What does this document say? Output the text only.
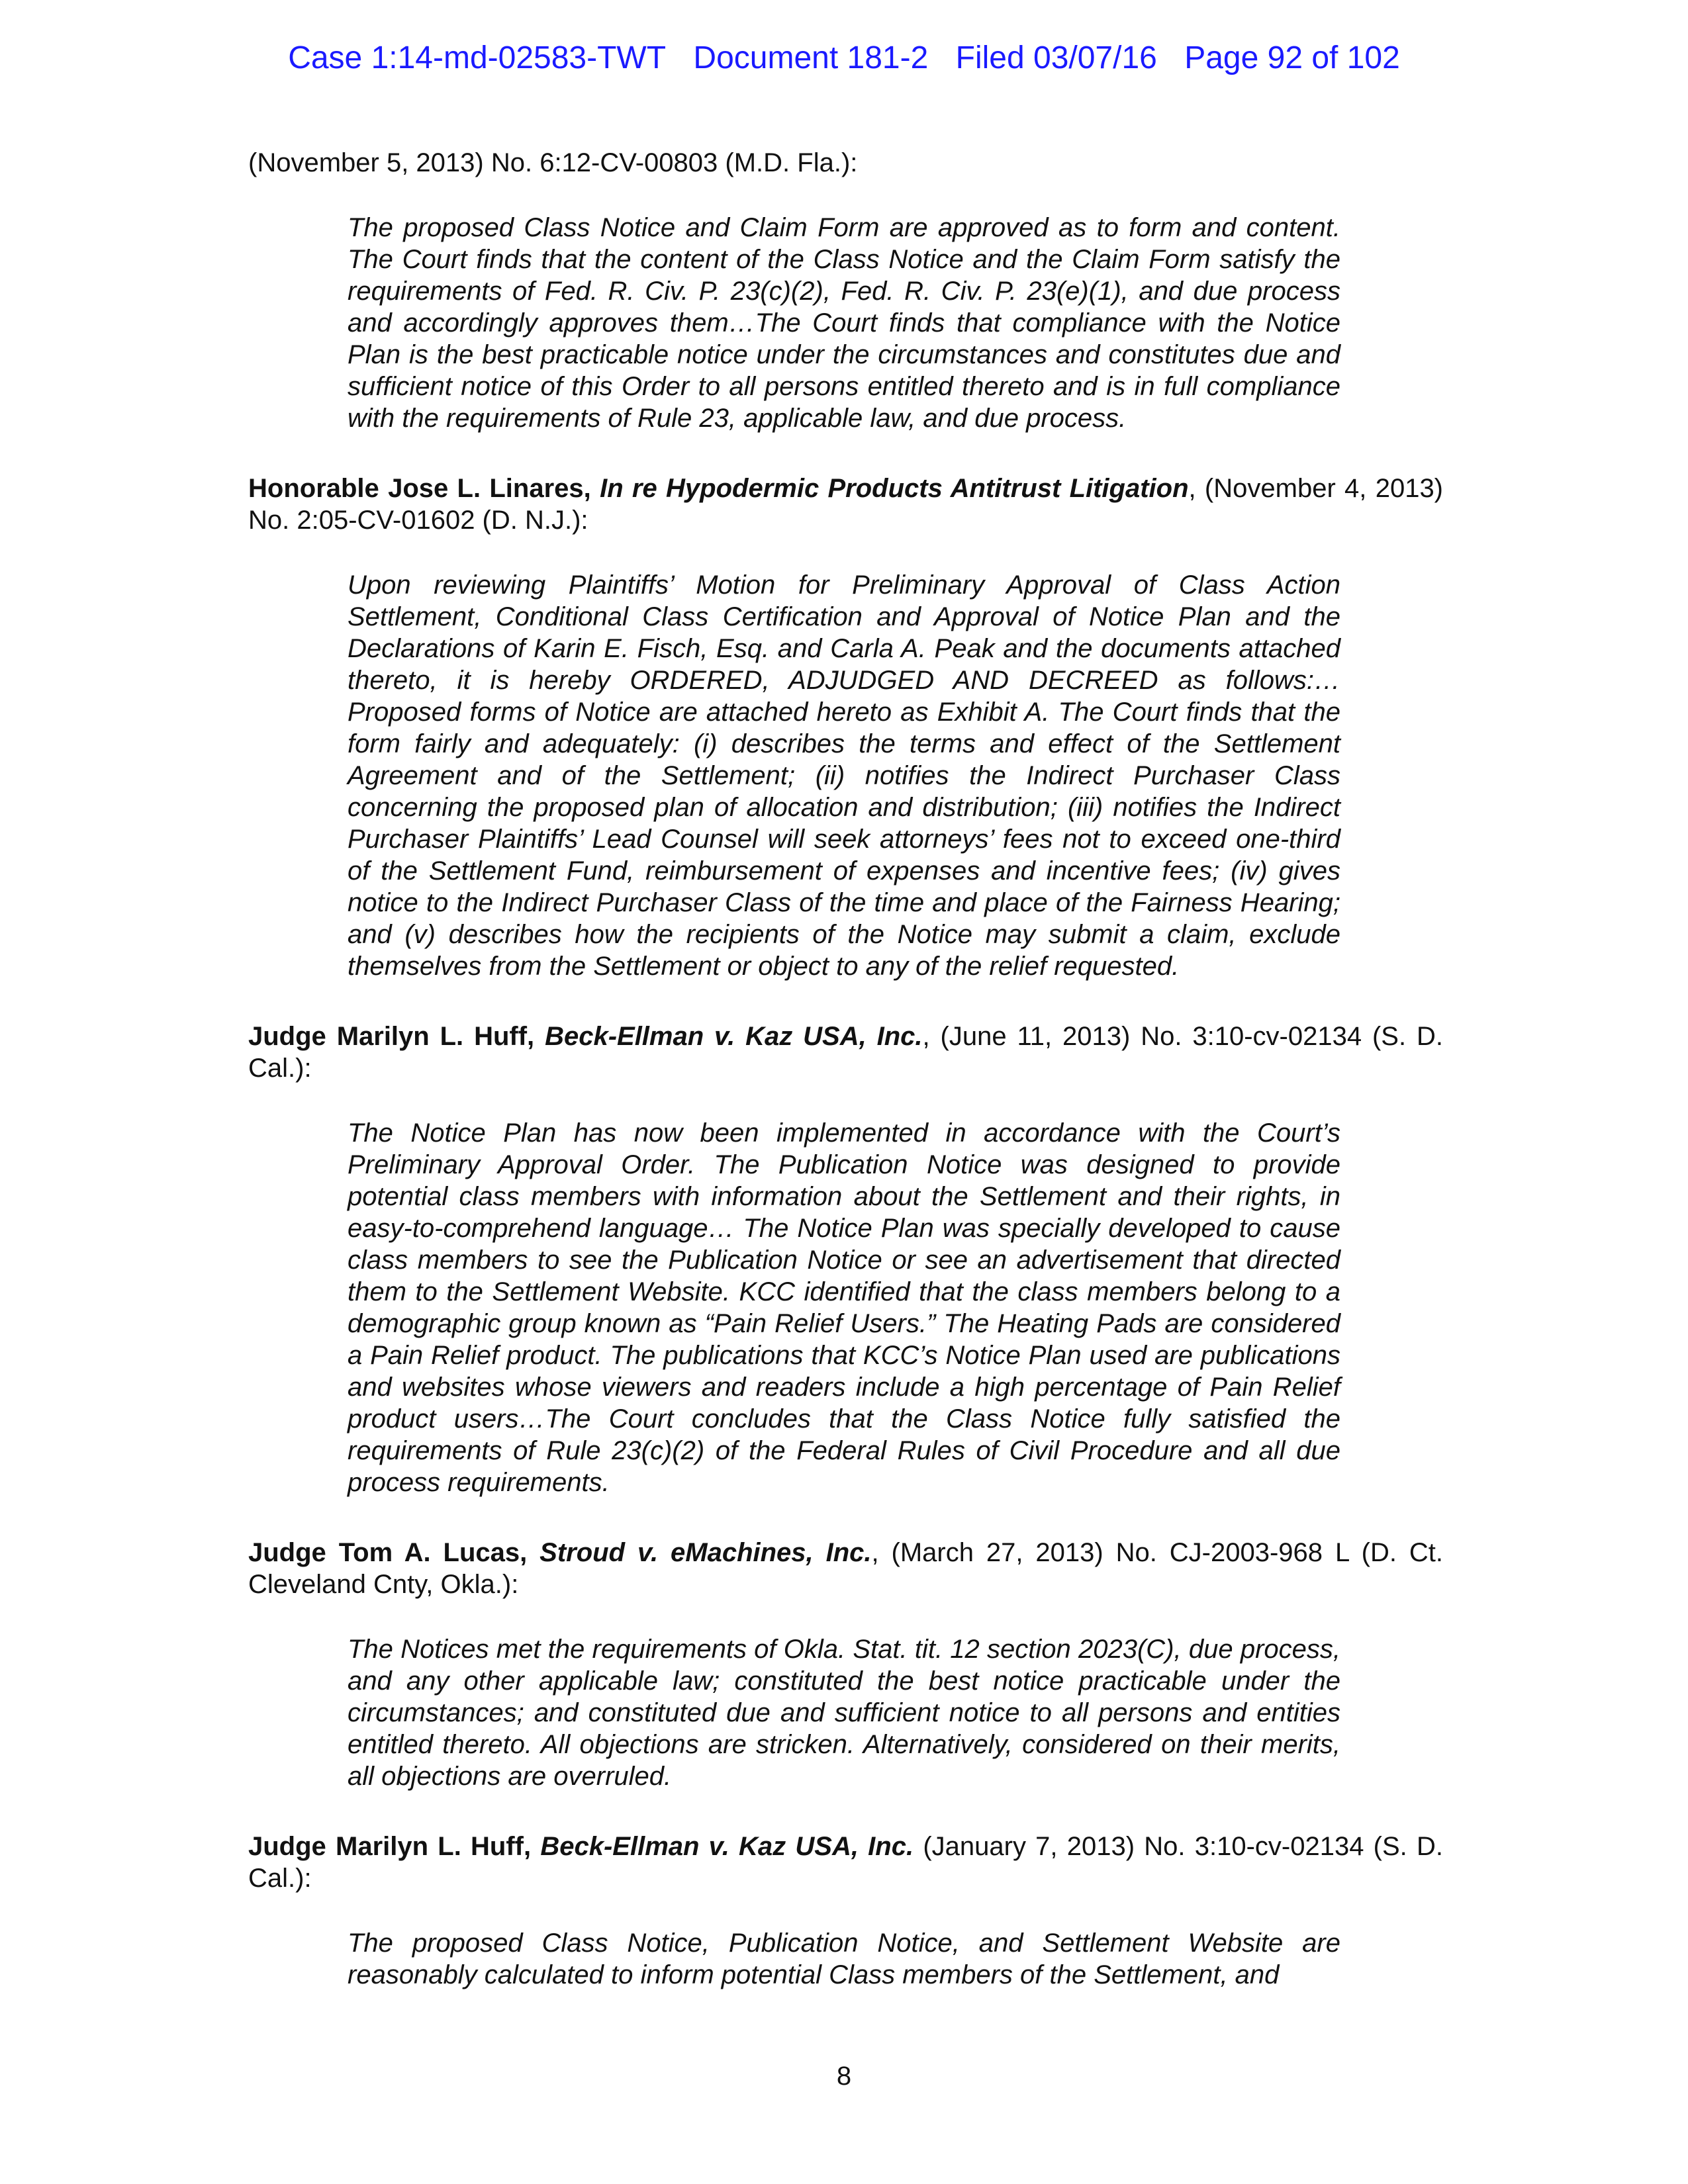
Case 1:14-md-02583-TWT Document 181-2 Filed 03/07/16 Page 92 of 102

(November 5, 2013) No. 6:12-CV-00803 (M.D. Fla.):

The proposed Class Notice and Claim Form are approved as to form and content. The Court finds that the content of the Class Notice and the Claim Form satisfy the requirements of Fed. R. Civ. P. 23(c)(2), Fed. R. Civ. P. 23(e)(1), and due process and accordingly approves them…The Court finds that compliance with the Notice Plan is the best practicable notice under the circumstances and constitutes due and sufficient notice of this Order to all persons entitled thereto and is in full compliance with the requirements of Rule 23, applicable law, and due process.

Honorable Jose L. Linares, In re Hypodermic Products Antitrust Litigation, (November 4, 2013) No. 2:05-CV-01602 (D. N.J.):

Upon reviewing Plaintiffs’ Motion for Preliminary Approval of Class Action Settlement, Conditional Class Certification and Approval of Notice Plan and the Declarations of Karin E. Fisch, Esq. and Carla A. Peak and the documents attached thereto, it is hereby ORDERED, ADJUDGED AND DECREED as follows:…Proposed forms of Notice are attached hereto as Exhibit A. The Court finds that the form fairly and adequately: (i) describes the terms and effect of the Settlement Agreement and of the Settlement; (ii) notifies the Indirect Purchaser Class concerning the proposed plan of allocation and distribution; (iii) notifies the Indirect Purchaser Plaintiffs’ Lead Counsel will seek attorneys’ fees not to exceed one-third of the Settlement Fund, reimbursement of expenses and incentive fees; (iv) gives notice to the Indirect Purchaser Class of the time and place of the Fairness Hearing; and (v) describes how the recipients of the Notice may submit a claim, exclude themselves from the Settlement or object to any of the relief requested.

Judge Marilyn L. Huff, Beck-Ellman v. Kaz USA, Inc., (June 11, 2013) No. 3:10-cv-02134 (S. D. Cal.):

The Notice Plan has now been implemented in accordance with the Court’s Preliminary Approval Order. The Publication Notice was designed to provide potential class members with information about the Settlement and their rights, in easy-to-comprehend language… The Notice Plan was specially developed to cause class members to see the Publication Notice or see an advertisement that directed them to the Settlement Website. KCC identified that the class members belong to a demographic group known as “Pain Relief Users.” The Heating Pads are considered a Pain Relief product. The publications that KCC’s Notice Plan used are publications and websites whose viewers and readers include a high percentage of Pain Relief product users…The Court concludes that the Class Notice fully satisfied the requirements of Rule 23(c)(2) of the Federal Rules of Civil Procedure and all due process requirements.

Judge Tom A. Lucas, Stroud v. eMachines, Inc., (March 27, 2013) No. CJ-2003-968 L (D. Ct. Cleveland Cnty, Okla.):

The Notices met the requirements of Okla. Stat. tit. 12 section 2023(C), due process, and any other applicable law; constituted the best notice practicable under the circumstances; and constituted due and sufficient notice to all persons and entities entitled thereto. All objections are stricken. Alternatively, considered on their merits, all objections are overruled.

Judge Marilyn L. Huff, Beck-Ellman v. Kaz USA, Inc. (January 7, 2013) No. 3:10-cv-02134 (S. D. Cal.):

The proposed Class Notice, Publication Notice, and Settlement Website are reasonably calculated to inform potential Class members of the Settlement, and

8
